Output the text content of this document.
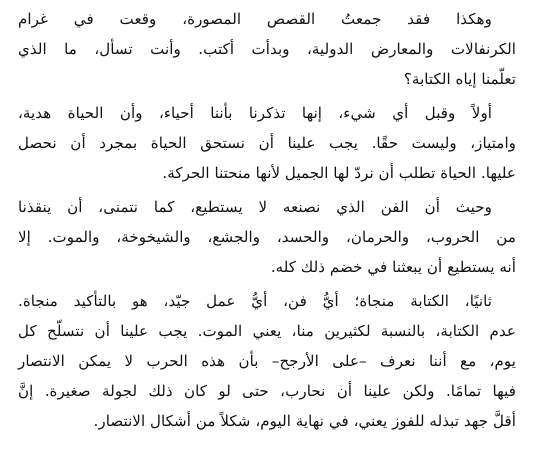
وهكذا فقد جمعتُ القصص المصورة، وقعت في غرام
الكرنفالات والمعارض الدولية، وبدأت أكتب. وأنت تسأل، ما الذي
تعلّمنا إياه الكتابة؟
أولاً وقبل أي شيء، إنها تذكرنا بأننا أحياء، وأن الحياة هدية،
وامتياز، وليست حقًا. يجب علينا أن نستحق الحياة بمجرد أن نحصل
عليها. الحياة تطلب أن نردّ لها الجميل لأنها منحتنا الحركة.
وحيث أن الفن الذي نصنعه لا يستطيع، كما نتمنى، أن ينقذنا
من الحروب، والحرمان، والحسد، والجشع، والشيخوخة، والموت. إلا
أنه يستطيع أن يبعثنا في خضم ذلك كله.
ثانيًا، الكتابة منجاة؛ أيُّ فن، أيُّ عمل جيّد، هو بالتأكيد منجاة.
عدم الكتابة، بالنسبة لكثيرين منا، يعني الموت. يجب علينا أن نتسلّح كل
يوم، مع أننا نعرف –على الأرجح– بأن هذه الحرب لا يمكن الانتصار
فيها تمامًا. ولكن علينا أن نحارب، حتى لو كان ذلك لجولة صغيرة. إنَّ
أقلَّ جهد تبذله للفوز يعني، في نهاية اليوم، شكلاً من أشكال الانتصار.
